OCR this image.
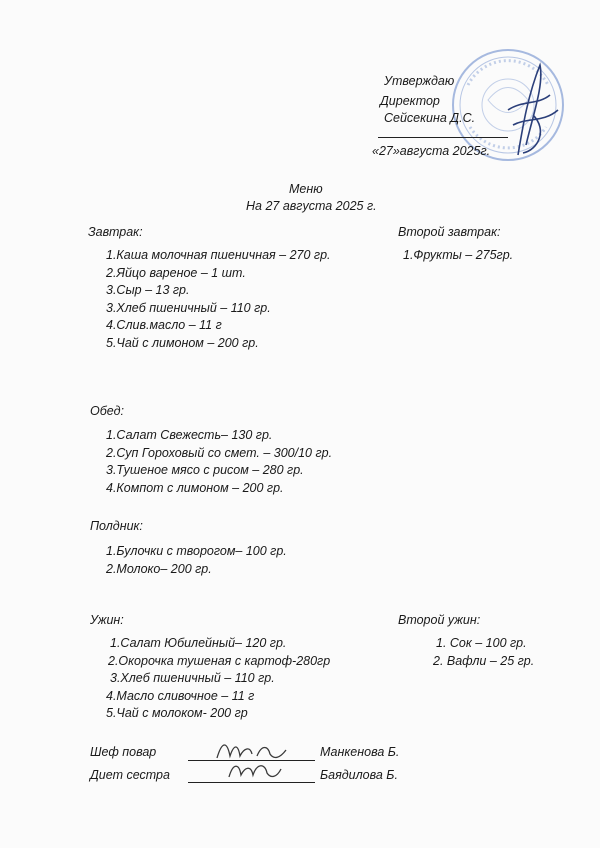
Утверждаю
Директор
Сейсекина Д.С.
«27»августа 2025г.
Меню
На 27 августа 2025 г.
Завтрак:
1.Каша молочная пшеничная – 270 гр.
2.Яйцо вареное – 1 шт.
3.Сыр – 13 гр.
3.Хлеб пшеничный – 110 гр.
4.Слив.масло – 11 г
5.Чай с лимоном – 200 гр.
Второй завтрак:
1.Фрукты – 275гр.
Обед:
1.Салат Свежесть– 130 гр.
2.Суп Гороховый со смет. – 300/10 гр.
3.Тушеное мясо с рисом – 280 гр.
4.Компот с лимоном – 200 гр.
Полдник:
1.Булочки с творогом– 100 гр.
2.Молоко– 200 гр.
Ужин:
1.Салат Юбилейный– 120 гр.
2.Окорочка тушеная с картоф-280гр
3.Хлеб пшеничный – 110 гр.
4.Масло сливочное – 11 г
5.Чай с молоком- 200 гр
Второй ужин:
1. Сок – 100 гр.
2. Вафли – 25 гр.
Шеф повар	Манкенова Б.
Диет сестра	Баядилова Б.
